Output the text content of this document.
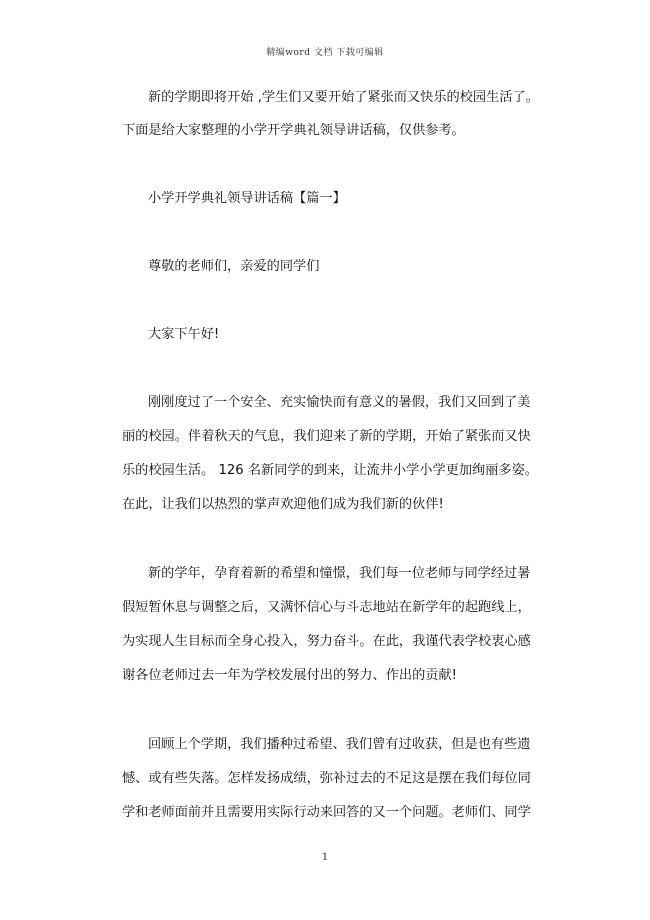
精编word 文档 下载可编辑
新的学期即将开始 ,学生们又要开始了紧张而又快乐的校园生活了。
下面是给大家整理的小学开学典礼领导讲话稿，仅供参考。
小学开学典礼领导讲话稿【篇一】
尊敬的老师们，亲爱的同学们
大家下午好!
刚刚度过了一个安全、充实愉快而有意义的暑假，我们又回到了美
丽的校园。伴着秋天的气息，我们迎来了新的学期，开始了紧张而又快
乐的校园生活。 126 名新同学的到来，让流井小学小学更加绚丽多姿。
在此，让我们以热烈的掌声欢迎他们成为我们新的伙伴!
新的学年，孕育着新的希望和憧憬，我们每一位老师与同学经过暑
假短暂休息与调整之后，又满怀信心与斗志地站在新学年的起跑线上，
为实现人生目标而全身心投入，努力奋斗。在此，我谨代表学校衷心感
谢各位老师过去一年为学校发展付出的努力、作出的贡献!
回顾上个学期，我们播种过希望、我们曾有过收获，但是也有些遗
憾、或有些失落。怎样发扬成绩，弥补过去的不足这是摆在我们每位同
学和老师面前并且需要用实际行动来回答的又一个问题。老师们、同学
1
